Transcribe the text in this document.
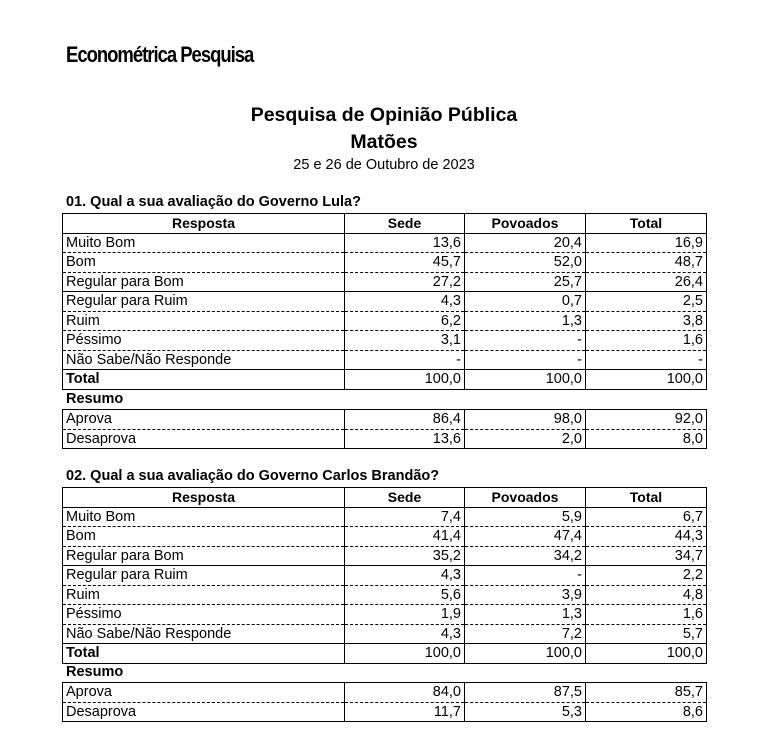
Econométrica Pesquisa
Pesquisa de Opinião Pública
Matões
25 e 26 de Outubro de 2023
01. Qual a sua avaliação do Governo Lula?
Resposta	Sede	Povoados	Total
Muito Bom	13,6	20,4	16,9
Bom	45,7	52,0	48,7
Regular para Bom	27,2	25,7	26,4
Regular para Ruim	4,3	0,7	2,5
Ruim	6,2	1,3	3,8
Péssimo	3,1	-	1,6
Não Sabe/Não Responde	-	-	-
Total	100,0	100,0	100,0
Resumo
Aprova	86,4	98,0	92,0
Desaprova	13,6	2,0	8,0
02. Qual a sua avaliação do Governo Carlos Brandão?
Resposta	Sede	Povoados	Total
Muito Bom	7,4	5,9	6,7
Bom	41,4	47,4	44,3
Regular para Bom	35,2	34,2	34,7
Regular para Ruim	4,3	-	2,2
Ruim	5,6	3,9	4,8
Péssimo	1,9	1,3	1,6
Não Sabe/Não Responde	4,3	7,2	5,7
Total	100,0	100,0	100,0
Resumo
Aprova	84,0	87,5	85,7
Desaprova	11,7	5,3	8,6
